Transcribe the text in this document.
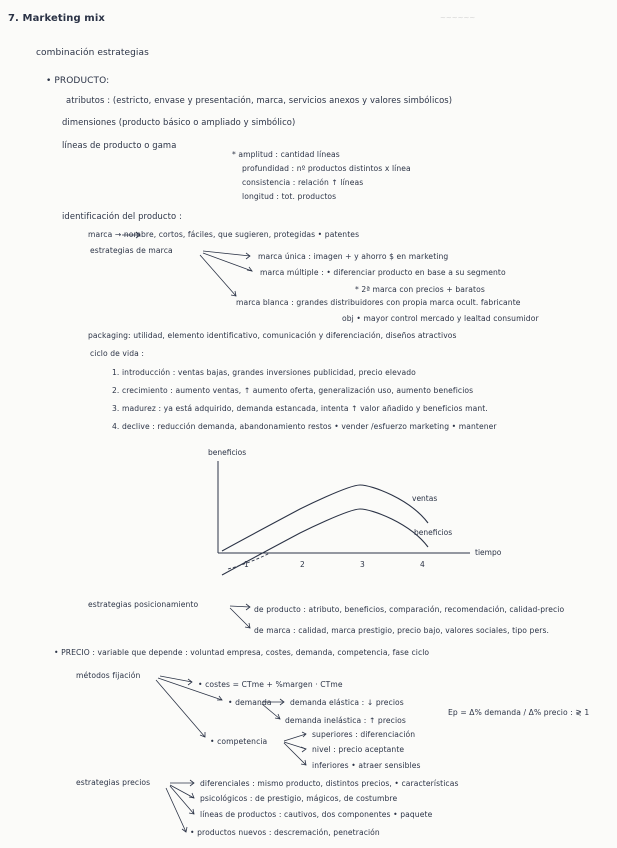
~~~~~~
7. Marketing mix
combinación estrategias
• PRODUCTO:
atributos : (estricto, envase y presentación, marca, servicios anexos y valores simbólicos)
dimensiones (producto básico o ampliado y simbólico)
líneas de producto o gama
* amplitud : cantidad líneas
profundidad : nº productos distintos x línea
consistencia : relación ↑ líneas
longitud : tot. productos
identificación del producto :
marca → nombre, cortos, fáciles, que sugieren, protegidas • patentes
estrategias de marca
marca única : imagen + y ahorro $ en marketing
marca múltiple : • diferenciar producto en base a su segmento
* 2ª marca con precios + baratos
marca blanca : grandes distribuidores con propia marca ocult. fabricante
obj • mayor control mercado y lealtad consumidor
packaging: utilidad, elemento identificativo, comunicación y diferenciación, diseños atractivos
ciclo de vida :
1. introducción : ventas bajas, grandes inversiones publicidad, precio elevado
2. crecimiento : aumento ventas, ↑ aumento oferta, generalización uso, aumento beneficios
3. madurez : ya está adquirido, demanda estancada, intenta ↑ valor añadido y beneficios mant.
4. declive : reducción demanda, abandonamiento restos • vender /esfuerzo marketing • mantener
beneficios
tiempo
ventas
beneficios
1	2	3	4
estrategias posicionamiento
de producto : atributo, beneficios, comparación, recomendación, calidad-precio
de marca : calidad, marca prestigio, precio bajo, valores sociales, tipo pers.
• PRECIO : variable que depende : voluntad empresa, costes, demanda, competencia, fase ciclo
métodos fijación
• costes = CTme + %margen · CTme
• demanda demanda elástica : ↓ precios
demanda inelástica : ↑ precios
Ep = Δ% demanda / Δ% precio : ≷ 1
• competencia
superiores : diferenciación
nivel : precio aceptante
inferiores • atraer sensibles
estrategias precios	diferenciales : mismo producto, distintos precios, • características
psicológicos : de prestigio, mágicos, de costumbre
líneas de productos : cautivos, dos componentes • paquete
• productos nuevos : descremación, penetración
